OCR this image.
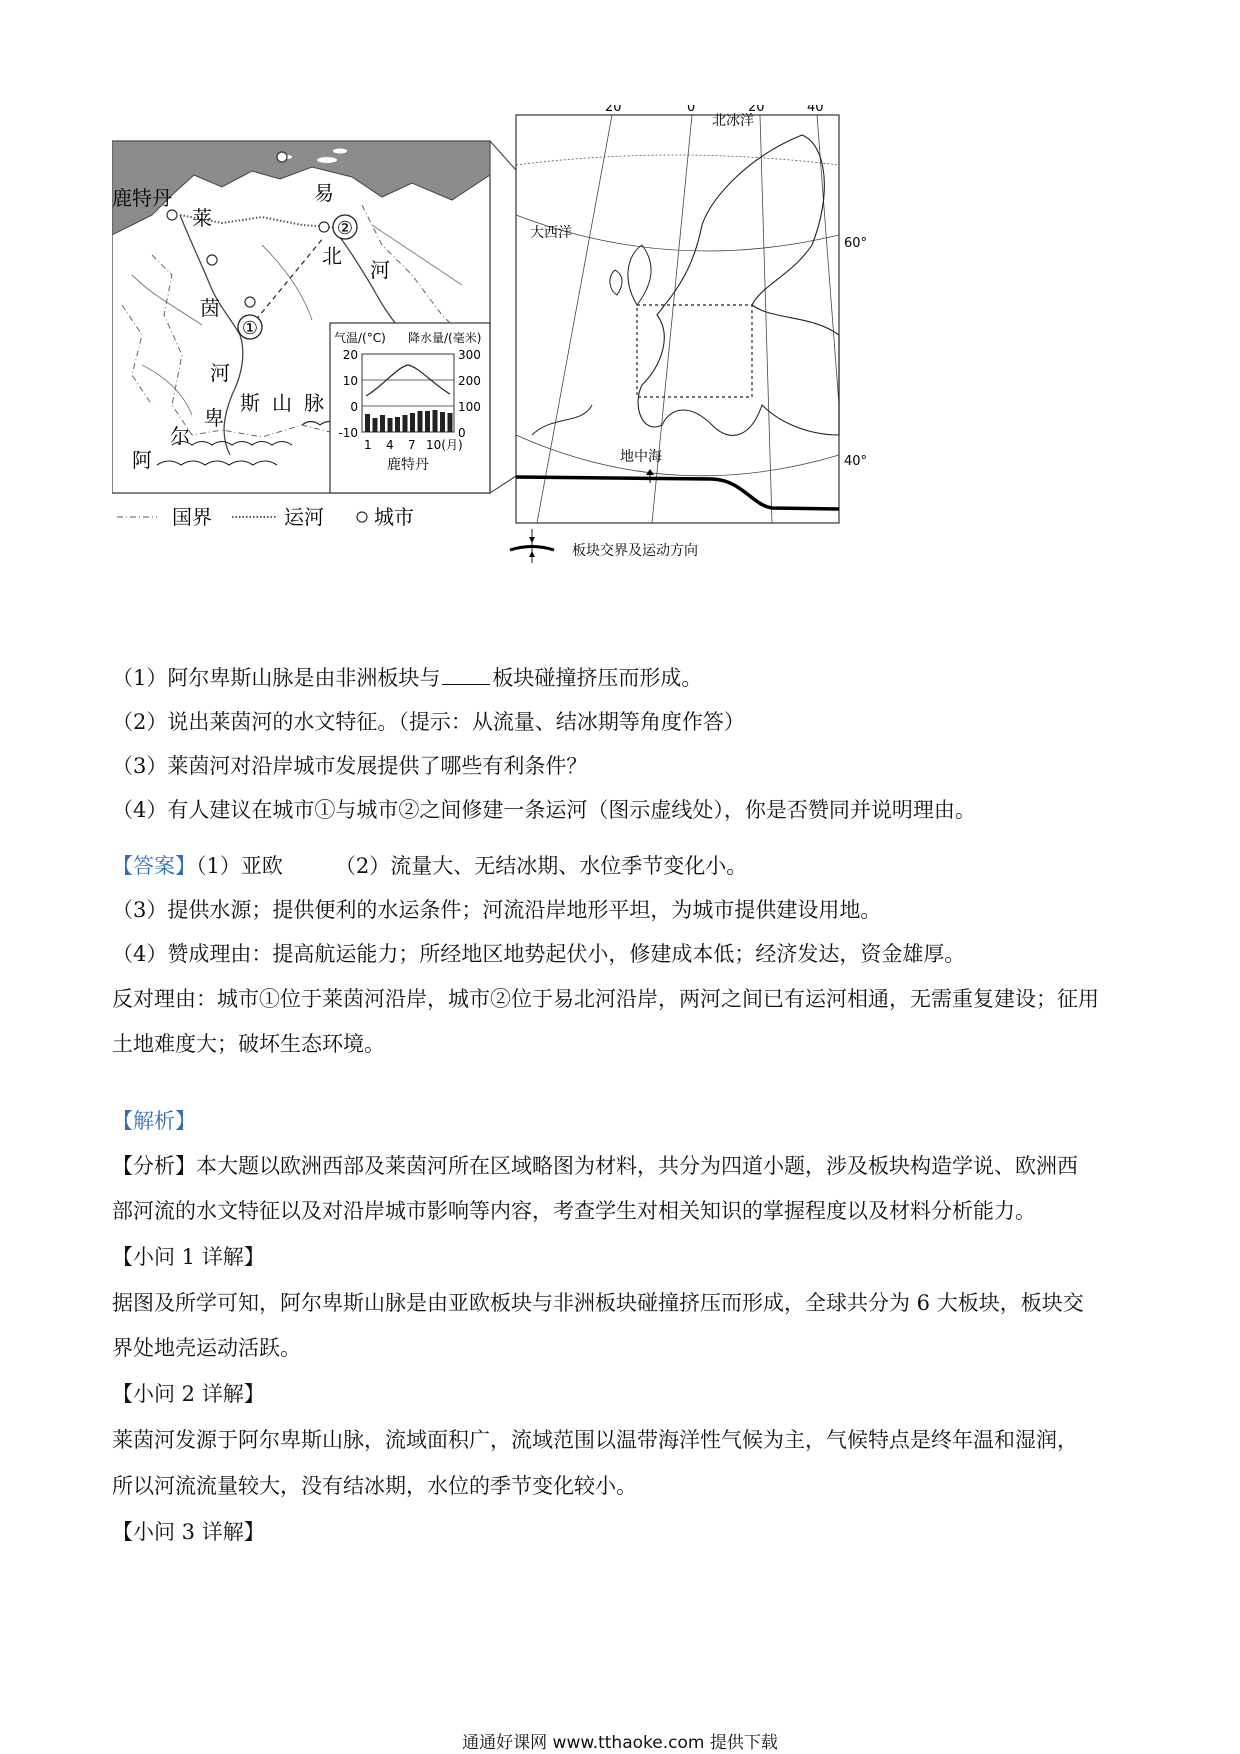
①
②
鹿特丹
莱
茵
河
易
北
河
阿
尔
卑
斯 山 脉
气温/(°C) 降水量/(毫米)
20
10
0
-10
300
200
100
0
1 4 7 10(月)
鹿特丹
国界	运河	城市
20°	0°	20°	40°
60°
40°
北冰洋
大西洋
地中海
板块交界及运动方向
（1）阿尔卑斯山脉是由非洲板块与 板块碰撞挤压而形成。
（2）说出莱茵河的水文特征。（提示：从流量、结冰期等角度作答）
（3）莱茵河对沿岸城市发展提供了哪些有利条件？
（4）有人建议在城市①与城市②之间修建一条运河（图示虚线处），你是否赞同并说明理由。
【答案】（1）亚欧 （2）流量大、无结冰期、水位季节变化小。
（3）提供水源；提供便利的水运条件；河流沿岸地形平坦，为城市提供建设用地。
（4）赞成理由：提高航运能力；所经地区地势起伏小，修建成本低；经济发达，资金雄厚。
反对理由：城市①位于莱茵河沿岸，城市②位于易北河沿岸，两河之间已有运河相通，无需重复建设；征用
土地难度大；破坏生态环境。
【解析】
【分析】本大题以欧洲西部及莱茵河所在区域略图为材料，共分为四道小题，涉及板块构造学说、欧洲西
部河流的水文特征以及对沿岸城市影响等内容，考查学生对相关知识的掌握程度以及材料分析能力。
【小问 1 详解】
据图及所学可知，阿尔卑斯山脉是由亚欧板块与非洲板块碰撞挤压而形成，全球共分为 6 大板块，板块交
界处地壳运动活跃。
【小问 2 详解】
莱茵河发源于阿尔卑斯山脉，流域面积广，流域范围以温带海洋性气候为主，气候特点是终年温和湿润，
所以河流流量较大，没有结冰期，水位的季节变化较小。
【小问 3 详解】
通通好课网 www.tthaoke.com 提供下载
